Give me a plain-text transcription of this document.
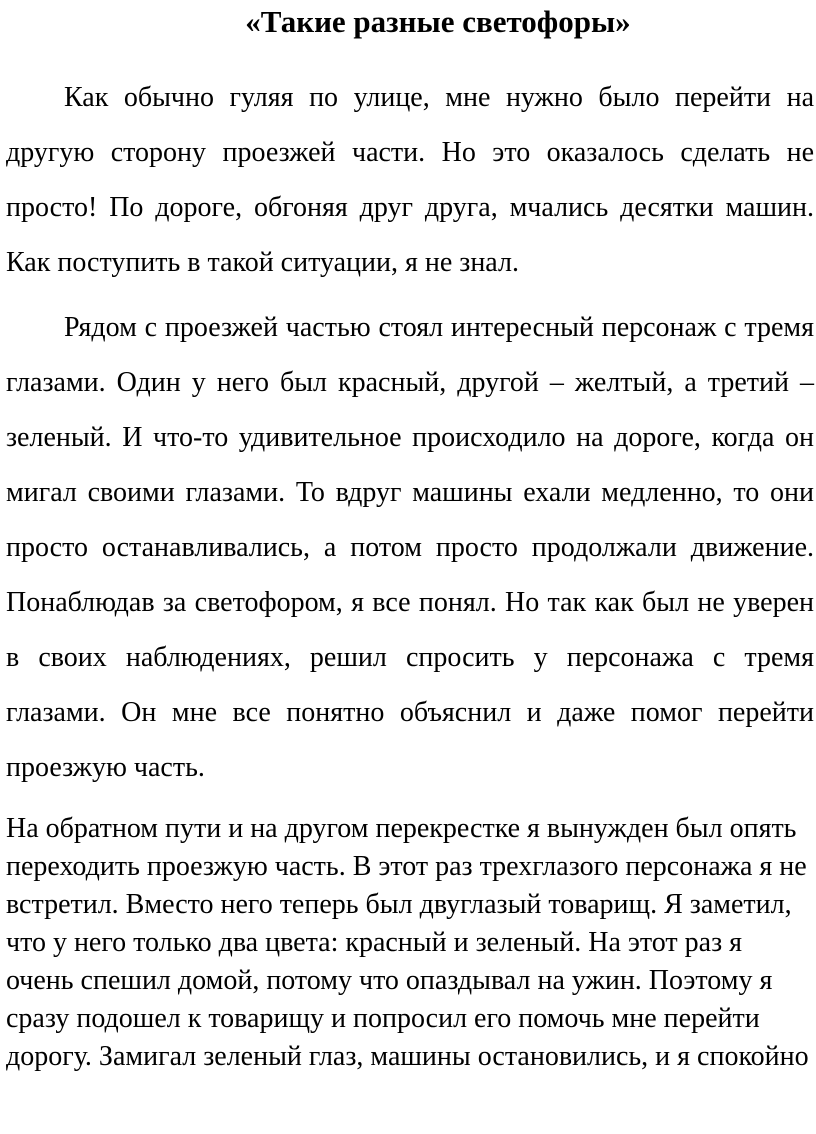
«Такие разные светофоры»

Как обычно гуляя по улице, мне нужно было перейти на другую сторону проезжей части. Но это оказалось сделать не просто! По дороге, обгоняя друг друга, мчались десятки машин. Как поступить в такой ситуации, я не знал.

Рядом с проезжей частью стоял интересный персонаж с тремя глазами. Один у него был красный, другой – желтый, а третий – зеленый. И что-то удивительное происходило на дороге, когда он мигал своими глазами. То вдруг машины ехали медленно, то они просто останавливались, а потом просто продолжали движение. Понаблюдав за светофором, я все понял. Но так как был не уверен в своих наблюдениях, решил спросить у персонажа с тремя глазами. Он мне все понятно объяснил и даже помог перейти проезжую часть.

На обратном пути и на другом перекрестке я вынужден был опять переходить проезжую часть. В этот раз трехглазого персонажа я не встретил. Вместо него теперь был двуглазый товарищ. Я заметил, что у него только два цвета: красный и зеленый. На этот раз я очень спешил домой, потому что опаздывал на ужин. Поэтому я сразу подошел к товарищу и попросил его помочь мне перейти дорогу. Замигал зеленый глаз, машины остановились, и я спокойно
